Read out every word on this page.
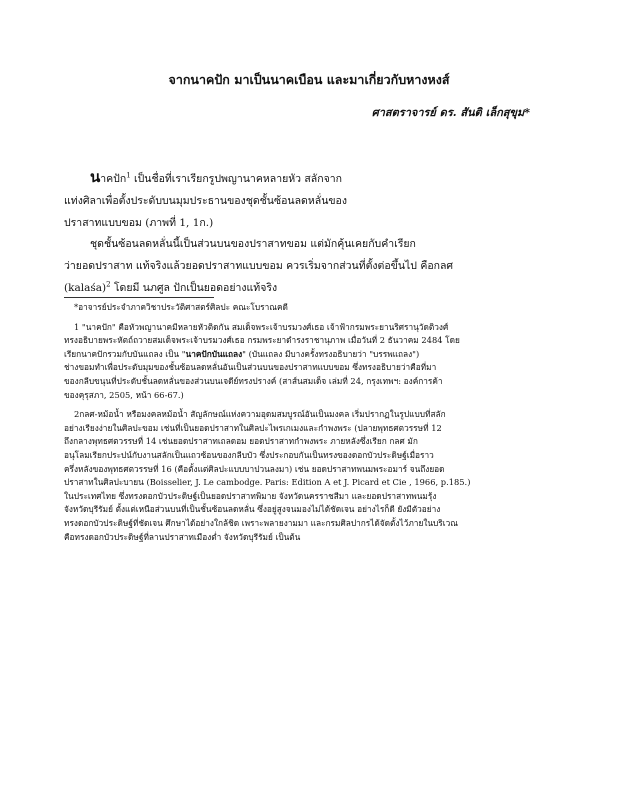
จากนาคปัก มาเป็นนาคเบือน และมาเกี่ยวกับหางหงส์
ศาสตราจารย์ ดร. สันติ เล็กสุขุม*
นาคปัก$^1$ เป็นชื่อที่เราเรียกรูปพญานาคหลายหัว สลักจาก
แท่งศิลาเพื่อตั้งประดับบนมุมประธานของชุดชั้นซ้อนลดหลั่นของ
ปราสาทแบบขอม (ภาพที่ 1, 1ก.)
ชุดชั้นซ้อนลดหลั่นนี้เป็นส่วนบนของปราสาทขอม แต่มักคุ้นเคยกับคำเรียก
ว่ายอดปราสาท แท้จริงแล้วยอดปราสาทแบบขอม ควรเริ่มจากส่วนที่ตั้งต่อขึ้นไป คือกลศ
(kalaśa)$^2$ โดยมี นภศูล ปักเป็นยอดอย่างแท้จริง
*อาจารย์ประจำภาควิชาประวัติศาสตร์ศิลปะ คณะโบราณคดี
1 "นาคปัก" คือหัวพญานาคมีหลายหัวติดกัน สมเด็จพระเจ้าบรมวงศ์เธอ เจ้าฟ้ากรมพระยานริศรานุวัดติวงศ์
ทรงอธิบายพระหัตถ์ถวายสมเด็จพระเจ้าบรมวงศ์เธอ กรมพระยาดำรงราชานุภาพ เมื่อวันที่ 2 ธันวาคม 2484 โดย
เรียกนาคปักรวมกับบันแถลง เป็น "นาคปักบันแถลง" (บันแถลง มีบางครั้งทรงอธิบายว่า "บรรพแถลง")
ช่างขอมทำเพื่อประดับมุมของชั้นซ้อนลดหลั่นอันเป็นส่วนบนของปราสาทแบบขอม ซึ่งทรงอธิบายว่าคือที่มา
ของกลีบขนุนที่ประดับชั้นลดหลั่นของส่วนบนเจดีย์ทรงปรางค์ (สาส์นสมเด็จ เล่มที่ 24, กรุงเทพฯ: องค์การค้า
ของคุรุสภา, 2505, หน้า 66-67.)
2กลศ-หม้อน้ำ หรือมงคลหม้อน้ำ สัญลักษณ์แห่งความอุดมสมบูรณ์อันเป็นมงคล เริ่มปรากฏในรูปแบบที่สลัก
อย่างเรียงง่ายในศิลปะขอม เช่นที่เป็นยอดปราสาทในศิลปะไพรเกเมงและกำพงพระ (ปลายพุทธศตวรรษที่ 12
ถึงกลางพุทธศตวรรษที่ 14 เช่นยอดปราสาทเถลดอม ยอดปราสาทกำพงพระ ภายหลังซึ่งเรียก กลศ มัก
อนุโลมเรียกประปน์กับงานสลักเป็นแถวซ้อนของกลีบบัว ซึ่งประกอบกันเป็นทรงของดอกบัวประดิษฐ์เมื่อราว
ครึ่งหลังของพุทธศตวรรษที่ 16 (คือตั้งแต่ศิลปะแบบบาปวนลงมา) เช่น ยอดปราสาทพนมพระอมาร์ จนถึงยอด
ปราสาทในศิลปะบายน (Boisselier, J. Le cambodge. Paris: Edition A et J. Picard et Cie , 1966, p.185.)
ในประเทศไทย ซึ่งทรงดอกบัวประดิษฐ์เป็นยอดปราสาทพิมาย จังหวัดนครราชสีมา และยอดปราสาทพนมรุ้ง
จังหวัดบุรีรัมย์ ตั้งแต่เหนือส่วนบนที่เป็นชั้นซ้อนลดหลั่น ซึ่งอยู่สูงจนมองไม่ได้ชัดเจน อย่างไรก็ดี ยังมีตัวอย่าง
ทรงดอกบัวประดิษฐ์ที่ชัดเจน ศึกษาได้อย่างใกล้ชิด เพราะพลายงามมา และกรมศิลปากรได้จัดตั้งไว้ภายในบริเวณ
คือทรงดอกบัวประดิษฐ์ที่ลานปราสาทเมืองต่ำ จังหวัดบุรีรัมย์ เป็นต้น
